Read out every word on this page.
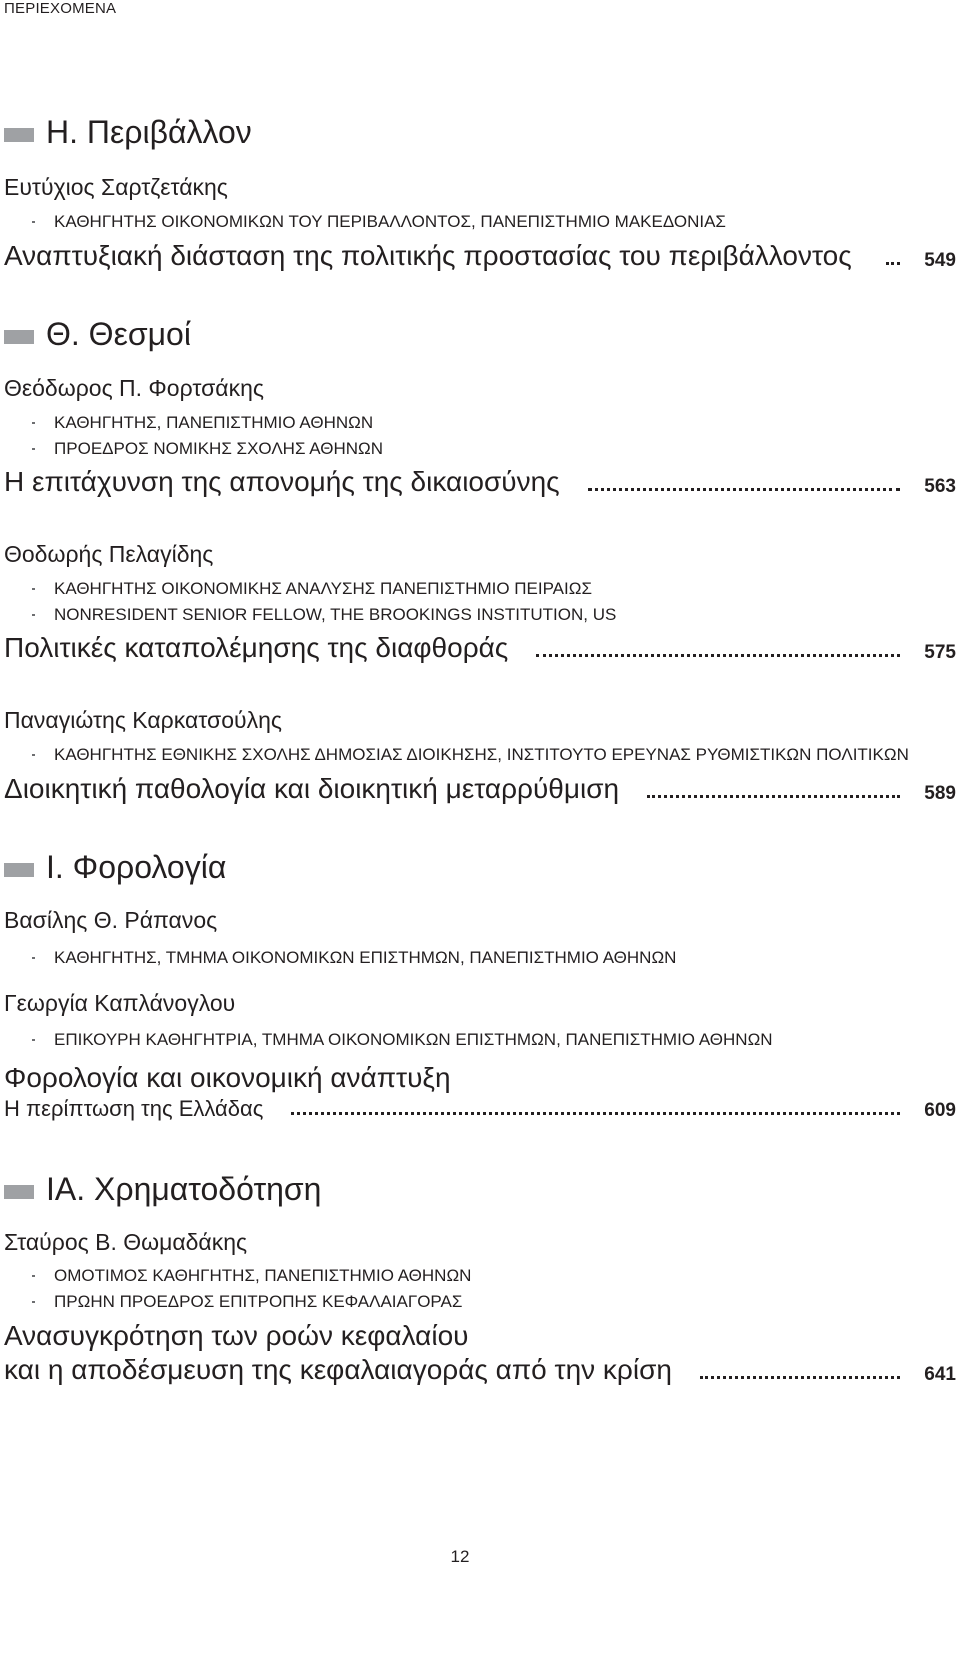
ΠΕΡΙΕΧΟΜΕΝΑ
Η. Περιβάλλον
Ευτύχιος Σαρτζετάκης
ΚΑΘΗΓΗΤΗΣ ΟΙΚΟΝΟΜΙΚΩΝ ΤΟΥ ΠΕΡΙΒΑΛΛΟΝΤΟΣ, ΠΑΝΕΠΙΣΤΗΜΙΟ ΜΑΚΕΔΟΝΙΑΣ
Αναπτυξιακή διάσταση της πολιτικής προστασίας του περιβάλλοντος	549
Θ. Θεσμοί
Θεόδωρος Π. Φορτσάκης
ΚΑΘΗΓΗΤΗΣ, ΠΑΝΕΠΙΣΤΗΜΙΟ ΑΘΗΝΩΝ
ΠΡΟΕΔΡΟΣ ΝΟΜΙΚΗΣ ΣΧΟΛΗΣ ΑΘΗΝΩΝ
Η επιτάχυνση της απονομής της δικαιοσύνης	563
Θοδωρής Πελαγίδης
ΚΑΘΗΓΗΤΗΣ ΟΙΚΟΝΟΜΙΚΗΣ ΑΝΑΛΥΣΗΣ ΠΑΝΕΠΙΣΤΗΜΙΟ ΠΕΙΡΑΙΩΣ
NONRESIDENT SENIOR FELLOW, THE BROOKINGS INSTITUTION, US
Πολιτικές καταπολέμησης της διαφθοράς	575
Παναγιώτης Καρκατσούλης
ΚΑΘΗΓΗΤΗΣ ΕΘΝΙΚΗΣ ΣΧΟΛΗΣ ΔΗΜΟΣΙΑΣ ΔΙΟΙΚΗΣΗΣ, ΙΝΣΤΙΤΟΥΤΟ ΕΡΕΥΝΑΣ ΡΥΘΜΙΣΤΙΚΩΝ ΠΟΛΙΤΙΚΩΝ
Διοικητική παθολογία και διοικητική μεταρρύθμιση	589
Ι. Φορολογία
Βασίλης Θ. Ράπανος
ΚΑΘΗΓΗΤΗΣ, ΤΜΗΜΑ ΟΙΚΟΝΟΜΙΚΩΝ ΕΠΙΣΤΗΜΩΝ, ΠΑΝΕΠΙΣΤΗΜΙΟ ΑΘΗΝΩΝ
Γεωργία Καπλάνογλου
ΕΠΙΚΟΥΡΗ ΚΑΘΗΓΗΤΡΙΑ, ΤΜΗΜΑ ΟΙΚΟΝΟΜΙΚΩΝ ΕΠΙΣΤΗΜΩΝ, ΠΑΝΕΠΙΣΤΗΜΙΟ ΑΘΗΝΩΝ
Φορολογία και οικονομική ανάπτυξη
Η περίπτωση της Ελλάδας	609
ΙΑ. Χρηματοδότηση
Σταύρος Β. Θωμαδάκης
ΟΜΟΤΙΜΟΣ ΚΑΘΗΓΗΤΗΣ, ΠΑΝΕΠΙΣΤΗΜΙΟ ΑΘΗΝΩΝ
ΠΡΩΗΝ ΠΡΟΕΔΡΟΣ ΕΠΙΤΡΟΠΗΣ ΚΕΦΑΛΑΙΑΓΟΡΑΣ
Ανασυγκρότηση των ροών κεφαλαίου
και η αποδέσμευση της κεφαλαιαγοράς από την κρίση	641
12
